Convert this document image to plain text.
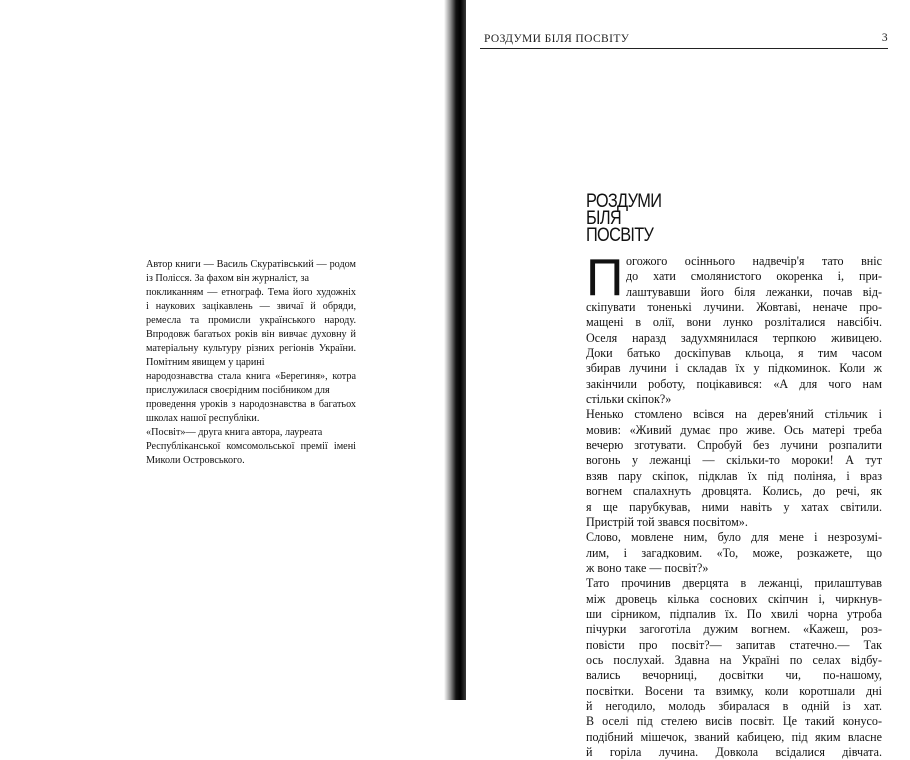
Автор книги — Василь Скуратівський — родом

із Полісся. За фахом він журналіст, за

покликанням — етнограф. Тема його художніх

і наукових зацікавлень — звичаї й обряди,

ремесла та промисли українського народу.

Впродовж багатьох років він вивчає духовну й

матеріальну культуру різних регіонів України.

Помітним явищем у царині

народознавства стала книга «Берегиня», котра

прислужилася своєрідним посібником для

проведення уроків з народознавства в багатьох

школах нашої республіки.

«Посвіт»— друга книга автора, лауреата

Республіканської комсомольської премії імені

Миколи Островського.

РОЗДУМИ БІЛЯ ПОСВІТУ	3
РОЗДУМИ
БІЛЯ
ПОСВІТУ
П огожого осіннього надвечір'я тато вніс
до хати смолянистого окоренка і, при-
лаштувавши його біля лежанки, почав від-
скіпувати тоненькі лучини. Жовтаві, неначе про-
мащені в олії, вони лунко розліталися навсібіч.
Оселя наразд задухмянилася терпкою живицею.
Доки батько доскіпував кльоца, я тим часом
збирав лучини і складав їх у підкоминок. Коли ж
закінчили роботу, поцікавився: «А для чого нам
стільки скіпок?»
Ненько стомлено всівся на дерев'яний стільчик і
мовив: «Живий думає про живе. Ось матері треба
вечерю зготувати. Спробуй без лучини розпалити
вогонь у лежанці — скільки-то мороки! А тут
взяв пару скіпок, підклав їх під поліняа, і враз
вогнем спалахнуть дровцята. Колись, до речі, як
я ще парубкував, ними навіть у хатах світили.
Пристрій той звався посвітом».
Слово, мовлене ним, було для мене і незрозумі-
лим, і загадковим. «То, може, розкажете, що
ж воно таке — посвіт?»
Тато прочинив дверцята в лежанці, прилаштував
між дровець кілька соснових скіпчин і, чиркнув-
ши сірником, підпалив їх. По хвилі чорна утроба
пічурки загоготіла дужим вогнем. «Кажеш, роз-
повісти про посвіт?— запитав статечно.— Так
ось послухай. Здавна на Україні по селах відбу-
вались вечорниці, досвітки чи, по-нашому,
посвітки. Восени та взимку, коли коротшали дні
й негодило, молодь збиралася в одній із хат.
В оселі під стелею висів посвіт. Це такий конусо-
подібний мішечок, званий кабицею, під яким власне
й горіла лучина. Довкола всідалися дівчата.
